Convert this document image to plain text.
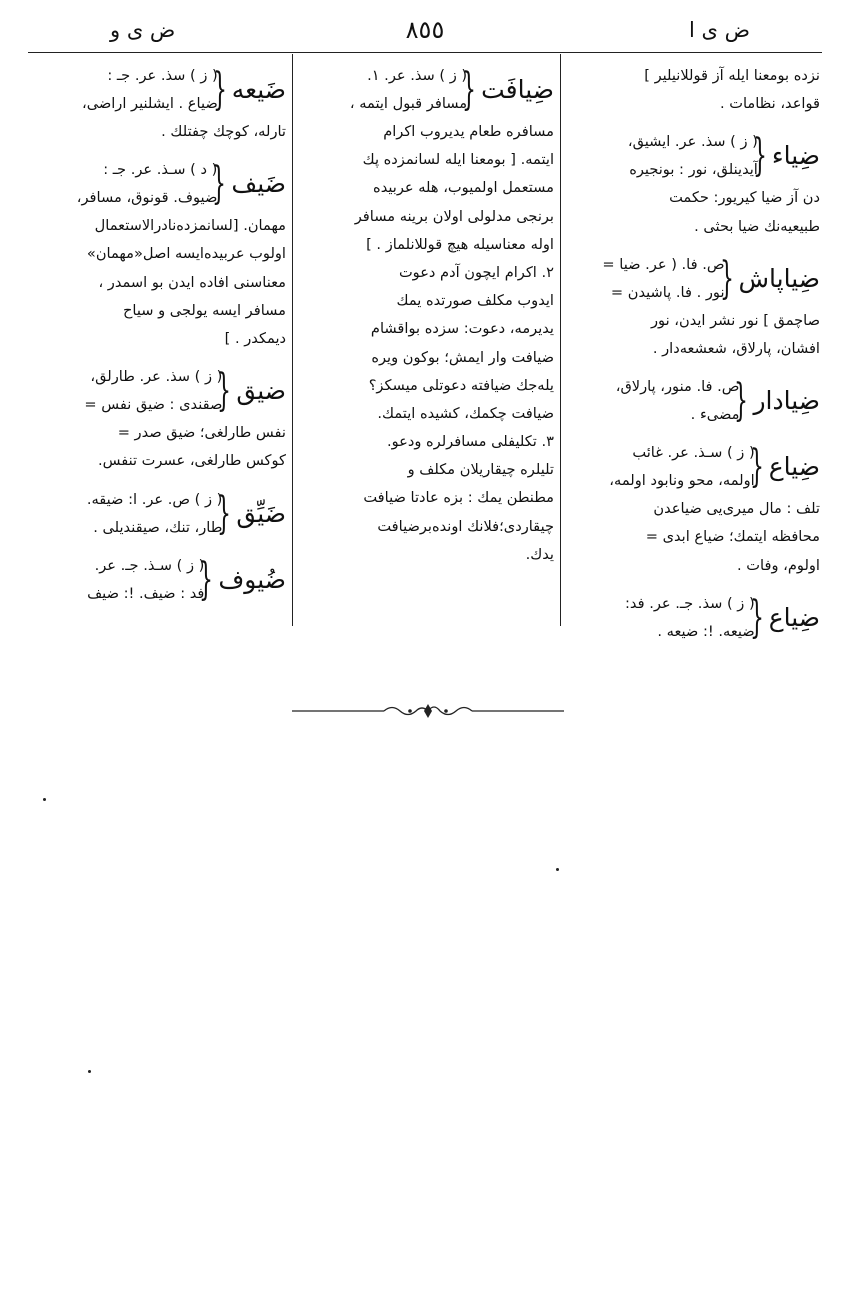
ض ى ا
٨٥٥
ض ى و
نزده بومعنا ایله آز قوللانیلیر ]
قواعد، نظامات .
ضِیاء
{
( ز ) سذ. عر. ایشیق،
آیدینلق، نور : بونجیره‌
دن آز ضیا کیریور: حکمت
طبیعیه‌نك ضیا بحثی .
ضِیاپاش
{
ص. فا. ( عر. ضیا =
نور . فا. پاشیدن =
صاچمق ] نور نشر ایدن، نور
افشان، پارلاق، شعشعه‌دار .
ضِیادار
{
ص. فا. منور، پارلاق،
مضیء .
ضِیاع
{
( ز ) سـذ. عر. غائب
اولمه، محو ونابود اولمه،
تلف : مال میری‌یی ضیاعدن
محافظه ایتمك؛ ضیاع ابدی =
اولوم، وفات .
ضِیاع
{
( ز ) سذ. جـ. عر. فد:
ضیعه. !: ضیعه .
ضِیافَت
{
( ز ) سذ. عر. ١.
مسافر قبول ایتمه ،
مسافره طعام یدیروب اکرام
ایتمه. [ بومعنا ایله لسانمزده پك
مستعمل اولمیوب، هله عربیده
برنجی مدلولی اولان برینه مسافر
اوله معناسیله هیچ قوللانلماز . ]
٢. اکرام ایچون آدم دعوت
ایدوب مکلف صورتده یمك
یدیرمه، دعوت: سزده بواقشام
ضیافت وار ایمش؛ بوکون ویره‌
یله‌جك ضیافته دعوتلی میسکز؟
ضیافت چکمك، کشیده ایتمك.
٣. تکلیفلی مسافرلره ودعو.
تلیلره چیقاریلان مکلف و
مطنطن یمك : بزه عادتا ضیافت
چیقاردی؛فلانك اونده‌برضیافت
یدك.
ضَیعه
{
( ز ) سذ. عر. جـ :
ضیاع . ایشلنیر اراضی،
تارله، کوچك چفتلك .
ضَیف
{
( د ) سـذ. عر. جـ :
ضیوف. قونوق، مسافر،
مهمان. [لسانمزده‌نادرالاستعمال
اولوب عربیده‌ایسه اصل‌«مهمان»
معناسنی افاده ایدن بو اسمدر ،
مسافر ایسه یولجی و سیاح
دیمکدر . ]
ضیق
{
( ز ) سذ. عر. طارلق،
صقندی : ضیق نفس =
نفس طارلغی؛ ضیق صدر =
کوکس طارلغی، عسرت تنفس.
ضَیِّق
{
( ز ) ص. عر. ا: ضیقه.
طار، تنك، صیقندیلی .
ضُیوف
{
( ز ) سـذ. جـ. عر.
فد : ضیف. !: ضیف
